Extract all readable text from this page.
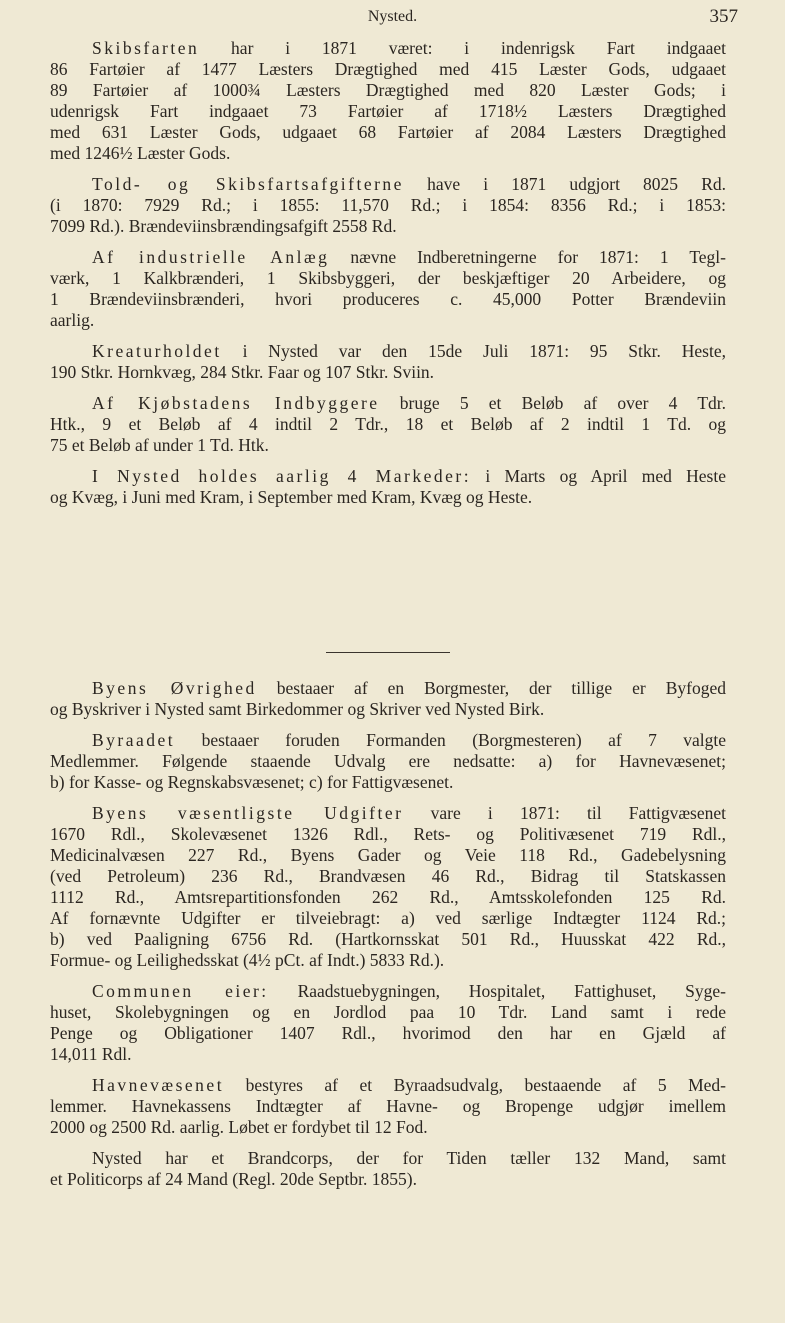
Nysted.	357
Skibsfarten har i 1871 været: i indenrigsk Fart indgaaet
86 Fartøier af 1477 Læsters Drægtighed med 415 Læster Gods, udgaaet
89 Fartøier af 1000¾ Læsters Drægtighed med 820 Læster Gods; i
udenrigsk Fart indgaaet 73 Fartøier af 1718½ Læsters Drægtighed
med 631 Læster Gods, udgaaet 68 Fartøier af 2084 Læsters Drægtighed
med 1246½ Læster Gods.
Told- og Skibsfartsafgifterne have i 1871 udgjort 8025 Rd.
(i 1870: 7929 Rd.; i 1855: 11,570 Rd.; i 1854: 8356 Rd.; i 1853:
7099 Rd.). Brændeviinsbrændingsafgift 2558 Rd.
Af industrielle Anlæg nævne Indberetningerne for 1871: 1 Tegl-
værk, 1 Kalkbrænderi, 1 Skibsbyggeri, der beskjæftiger 20 Arbeidere, og
1 Brændeviinsbrænderi, hvori produceres c. 45,000 Potter Brændeviin
aarlig.
Kreaturholdet i Nysted var den 15de Juli 1871: 95 Stkr. Heste,
190 Stkr. Hornkvæg, 284 Stkr. Faar og 107 Stkr. Sviin.
Af Kjøbstadens Indbyggere bruge 5 et Beløb af over 4 Tdr.
Htk., 9 et Beløb af 4 indtil 2 Tdr., 18 et Beløb af 2 indtil 1 Td. og
75 et Beløb af under 1 Td. Htk.
I Nysted holdes aarlig 4 Markeder: i Marts og April med Heste
og Kvæg, i Juni med Kram, i September med Kram, Kvæg og Heste.
Byens Øvrighed bestaaer af en Borgmester, der tillige er Byfoged
og Byskriver i Nysted samt Birkedommer og Skriver ved Nysted Birk.
Byraadet bestaaer foruden Formanden (Borgmesteren) af 7 valgte
Medlemmer. Følgende staaende Udvalg ere nedsatte: a) for Havnevæsenet;
b) for Kasse- og Regnskabsvæsenet; c) for Fattigvæsenet.
Byens væsentligste Udgifter vare i 1871: til Fattigvæsenet
1670 Rdl., Skolevæsenet 1326 Rdl., Rets- og Politivæsenet 719 Rdl.,
Medicinalvæsen 227 Rd., Byens Gader og Veie 118 Rd., Gadebelysning
(ved Petroleum) 236 Rd., Brandvæsen 46 Rd., Bidrag til Statskassen
1112 Rd., Amtsrepartitionsfonden 262 Rd., Amtsskolefonden 125 Rd.
Af fornævnte Udgifter er tilveiebragt: a) ved særlige Indtægter 1124 Rd.;
b) ved Paaligning 6756 Rd. (Hartkornsskat 501 Rd., Huusskat 422 Rd.,
Formue- og Leilighedsskat (4½ pCt. af Indt.) 5833 Rd.).
Communen eier: Raadstuebygningen, Hospitalet, Fattighuset, Syge-
huset, Skolebygningen og en Jordlod paa 10 Tdr. Land samt i rede
Penge og Obligationer 1407 Rdl., hvorimod den har en Gjæld af
14,011 Rdl.
Havnevæsenet bestyres af et Byraadsudvalg, bestaaende af 5 Med-
lemmer. Havnekassens Indtægter af Havne- og Bropenge udgjør imellem
2000 og 2500 Rd. aarlig. Løbet er fordybet til 12 Fod.
Nysted har et Brandcorps, der for Tiden tæller 132 Mand, samt
et Politicorps af 24 Mand (Regl. 20de Septbr. 1855).
